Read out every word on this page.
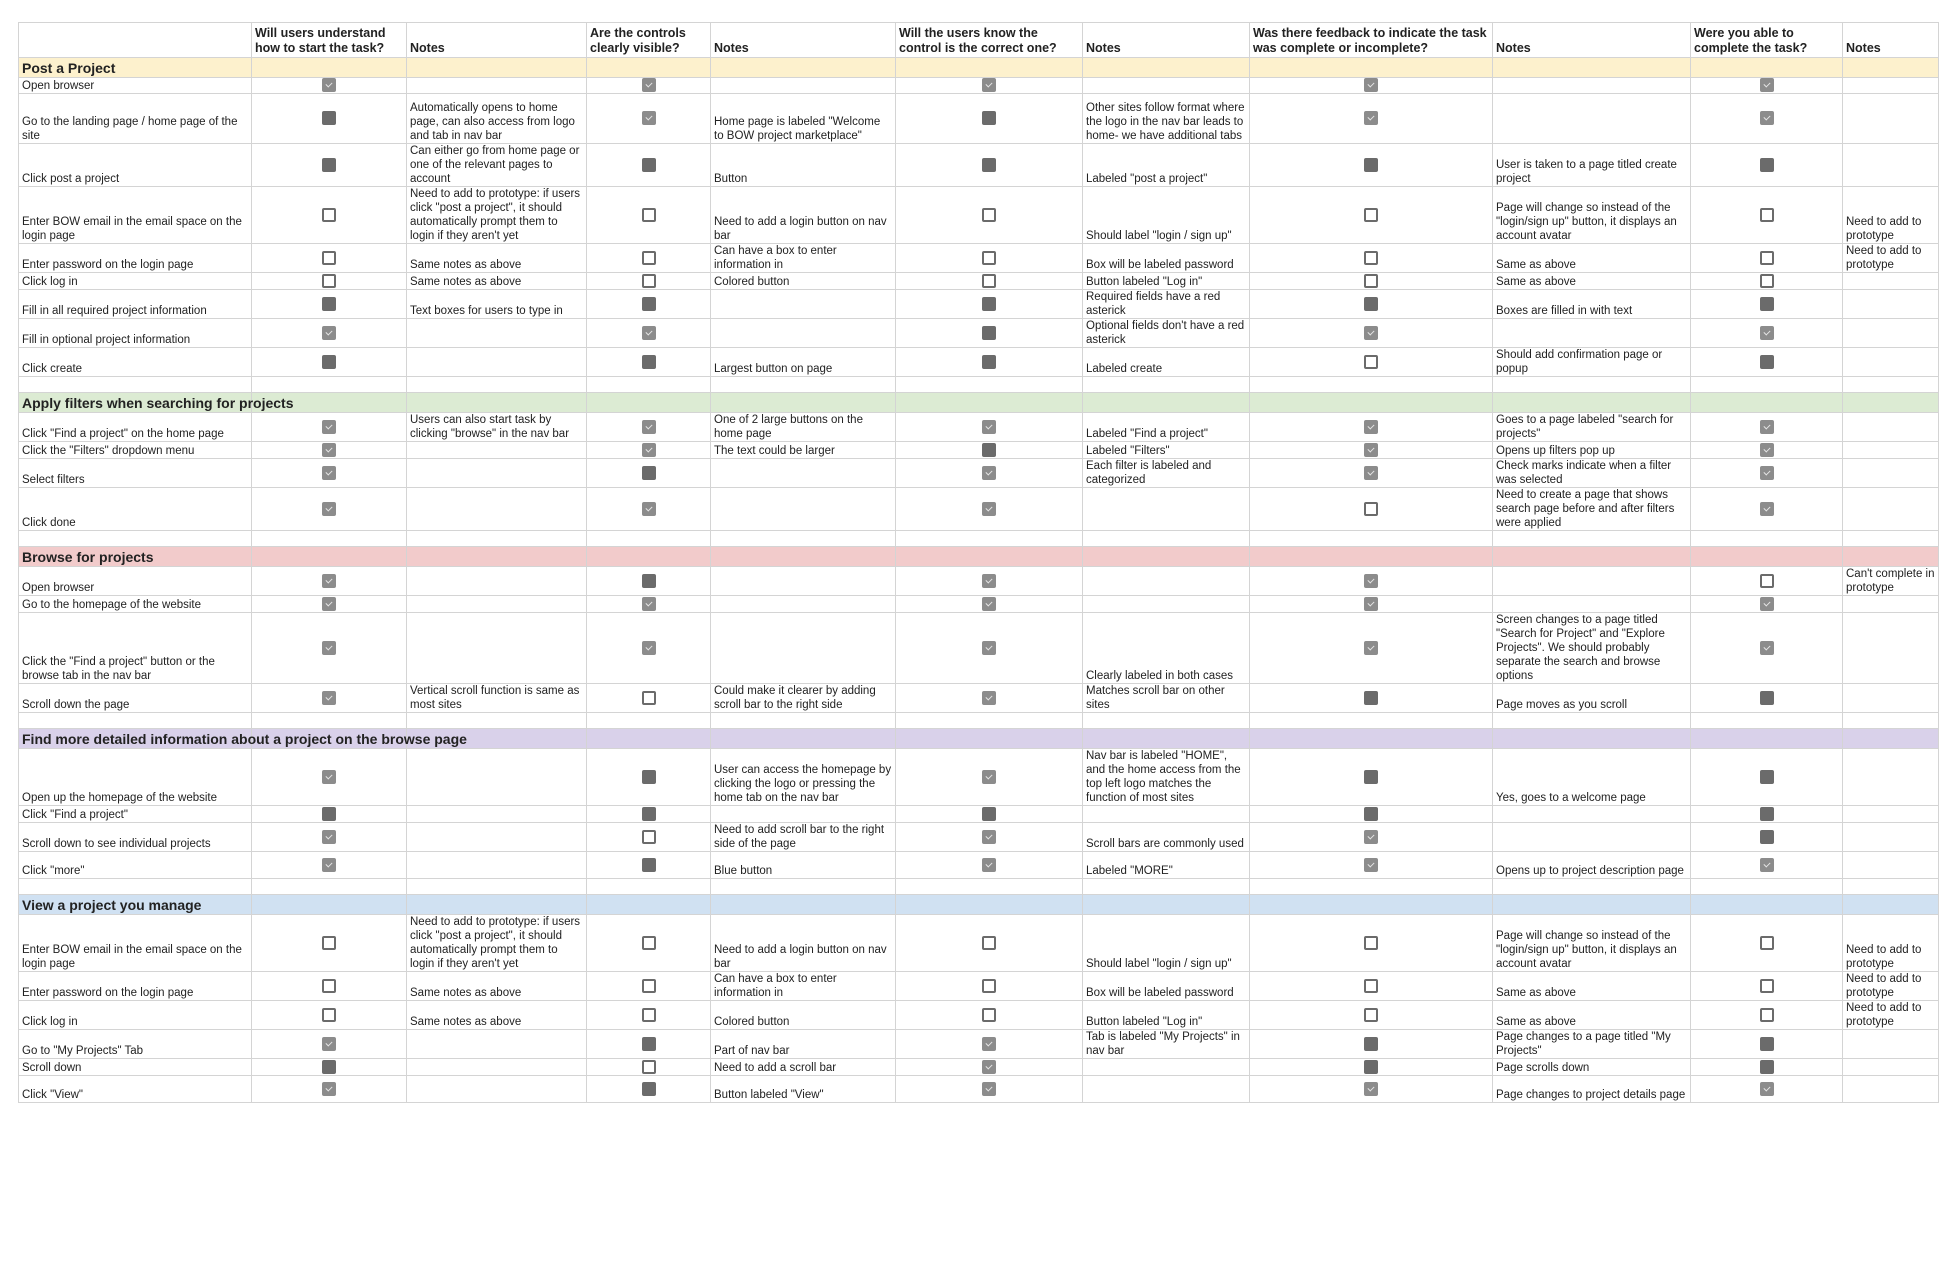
	Will users understand how to start the task?	Notes	Are the controls clearly visible?	Notes	Will the users know the control is the correct one?	Notes	Was there feedback to indicate the task was complete or incomplete?	Notes	Were you able to complete the task?	Notes
Post a Project										
Open browser										
Go to the landing page / home page of the site		Automatically opens to home page, can also access from logo and tab in nav bar		Home page is labeled "Welcome to BOW project marketplace"		Other sites follow format where the logo in the nav bar leads to home- we have additional tabs				
Click post a project		Can either go from home page or one of the relevant pages to account		Button		Labeled "post a project"		User is taken to a page titled create project		
Enter BOW email in the email space on the login page		Need to add to prototype: if users click "post a project", it should automatically prompt them to login if they aren't yet		Need to add a login button on nav bar		Should label "login / sign up"		Page will change so instead of the "login/sign up" button, it displays an account avatar		Need to add to prototype
Enter password on the login page		Same notes as above		Can have a box to enter information in		Box will be labeled password		Same as above		Need to add to prototype
Click log in		Same notes as above		Colored button		Button labeled "Log in"		Same as above		
Fill in all required project information		Text boxes for users to type in				Required fields have a red asterick		Boxes are filled in with text		
Fill in optional project information						Optional fields don't have a red asterick				
Click create				Largest button on page		Labeled create		Should add confirmation page or popup		

Apply filters when searching for projects										
Click "Find a project" on the home page		Users can also start task by clicking "browse" in the nav bar		One of 2 large buttons on the home page		Labeled "Find a project"		Goes to a page labeled "search for projects"		
Click the "Filters" dropdown menu				The text could be larger		Labeled "Filters"		Opens up filters pop up		
Select filters						Each filter is labeled and categorized		Check marks indicate when a filter was selected		
Click done								Need to create a page that shows search page before and after filters were applied		

Browse for projects										
Open browser										Can't complete in prototype
Go to the homepage of the website										
Click the "Find a project" button or the browse tab in the nav bar						Clearly labeled in both cases		Screen changes to a page titled "Search for Project" and "Explore Projects". We should probably separate the search and browse options		
Scroll down the page		Vertical scroll function is same as most sites		Could make it clearer by adding scroll bar to the right side		Matches scroll bar on other sites		Page moves as you scroll		

Find more detailed information about a project on the browse page										
Open up the homepage of the website				User can access the homepage by clicking the logo or pressing the home tab on the nav bar		Nav bar is labeled "HOME", and the home access from the top left logo matches the function of most sites		Yes, goes to a welcome page		
Click "Find a project"										
Scroll down to see individual projects				Need to add scroll bar to the right side of the page		Scroll bars are commonly used				
Click "more"				Blue button		Labeled "MORE"		Opens up to project description page		

View a project you manage										
Enter BOW email in the email space on the login page		Need to add to prototype: if users click "post a project", it should automatically prompt them to login if they aren't yet		Need to add a login button on nav bar		Should label "login / sign up"		Page will change so instead of the "login/sign up" button, it displays an account avatar		Need to add to prototype
Enter password on the login page		Same notes as above		Can have a box to enter information in		Box will be labeled password		Same as above		Need to add to prototype
Click log in		Same notes as above		Colored button		Button labeled "Log in"		Same as above		Need to add to prototype
Go to "My Projects" Tab				Part of nav bar		Tab is labeled "My Projects" in nav bar		Page changes to a page titled "My Projects"		
Scroll down				Need to add a scroll bar				Page scrolls down		
Click "View"				Button labeled "View"				Page changes to project details page		
